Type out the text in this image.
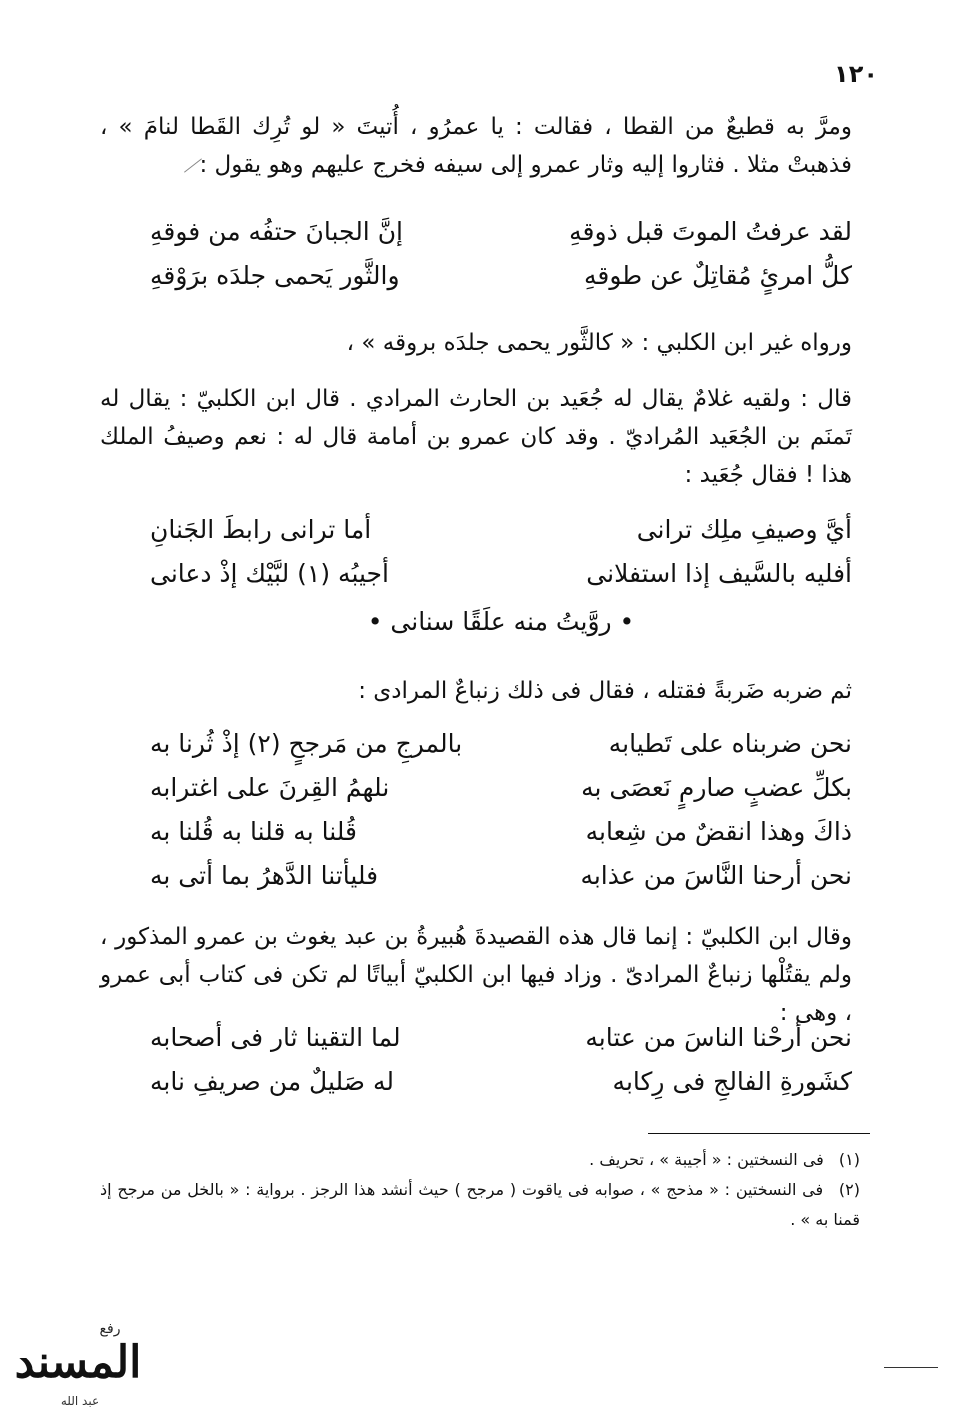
١٢٠
ومرَّ به قطيعٌ من القطا ، فقالت : يا عمرُو ، أُتيتَ « لو تُرِك القَطا لنامَ » ، فذهبتْ مثلا . فثاروا إليه وثار عمرو إلى سيفه فخرج عليهم وهو يقول :
لقد عرفتُ الموتَ قبل ذوقهِ
إنَّ الجبانَ حتفُه من فوقهِ
كلُّ امرئٍ مُقاتِلٌ عن طوقهِ
والثَّور يَحمى جلدَه برَوْقهِ
ورواه غير ابن الكلبي : « كالثَّور يحمى جلدَه بروقه » ،
قال : ولقيه غلامٌ يقال له جُعَيد بن الحارث المرادي . قال ابن الكلبيّ : يقال له تَمنَم بن الجُعَيد المُراديّ . وقد كان عمرو بن أمامة قال له : نعم وصيفُ الملك هذا ! فقال جُعَيد :
أيَّ وصيفِ ملِك ترانى
أما ترانى رابطَ الجَنانِ
أفليه بالسَّيف إذا استفلانى
أجيبُه (١) لبَّيْك إذْ دعانى
• روَّيتُ منه علَقًا سنانى •
ثم ضربه ضَربةً فقتله ، فقال فى ذلك زنباعٌ المرادى :
نحن ضربناه على تَطيابه
بالمرجِ من مَرجحٍ (٢) إذْ ثُرنا به
بكلِّ عضبٍ صارمٍ نَعصَى به
نلهمُ القِرنَ على اغترابه
ذاكَ وهذا انقضٌ من شِعابه
قُلنا به قلنا به قُلنا به
نحن أرحنا النَّاسَ من عذابه
فليأتنا الدَّهرُ بما أتى به
وقال ابن الكلبيّ : إنما قال هذه القصيدةَ هُبيرةُ بن عبد يغوث بن عمرو المذكور ، ولم يقتُلْها زنباعٌ المرادىّ . وزاد فيها ابن الكلبيّ أبياتًا لم تكن فى كتاب أبى عمرو ، وهى :
نحن أرحْنا الناسَ من عتابه
لما التقينا ثار فى أصحابه
كشَورةِ الفالجِ فى رِكابه
له صَليلٌ من صريفِ نابه

(١) فى النسختين : « أجيبة » ، تحريف .

(٢) فى النسختين : « مذحج » ، صوابه فى ياقوت ( مرجح ) حيث أنشد هذا الرجز . برواية : « بالخل من مرجح إذ قمنا به » .

رفع
المسند
عبد الله
